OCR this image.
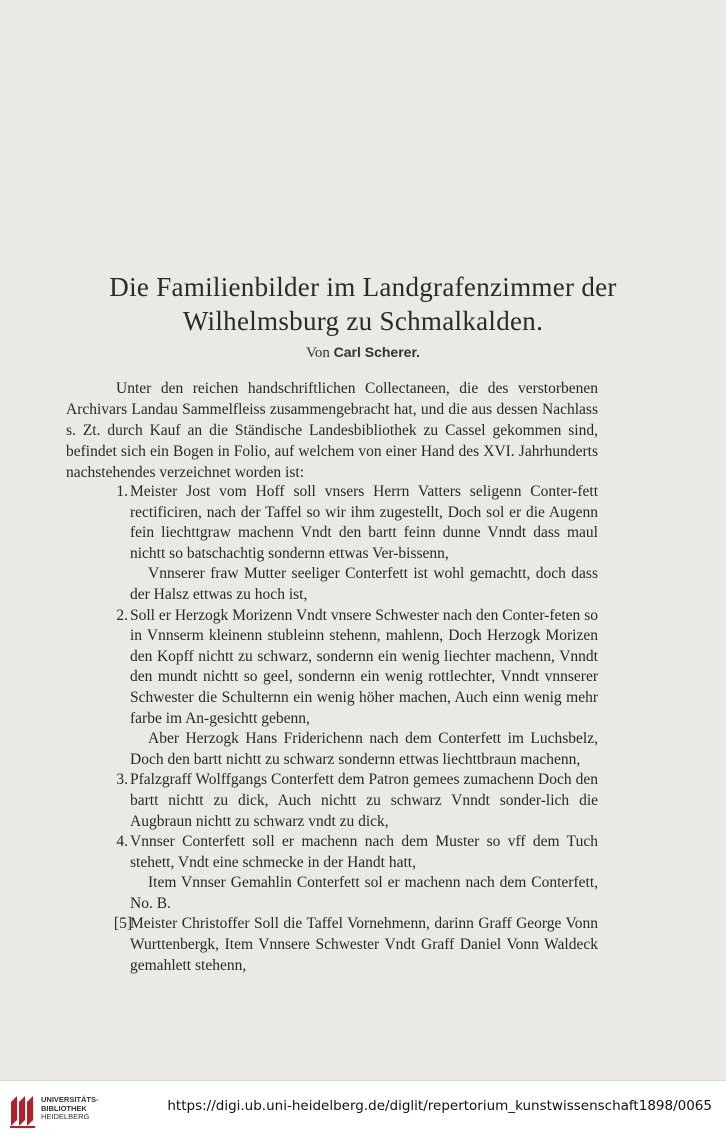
Die Familienbilder im Landgrafenzimmer der
Wilhelmsburg zu Schmalkalden.
Von Carl Scherer.

Unter den reichen handschriftlichen Collectaneen, die des verstorbenen Archivars Landau Sammelfleiss zusammengebracht hat, und die aus dessen Nachlass s. Zt. durch Kauf an die Ständische Landesbibliothek zu Cassel gekommen sind, befindet sich ein Bogen in Folio, auf welchem von einer Hand des XVI. Jahrhunderts nachstehendes verzeichnet worden ist:

1. Meister Jost vom Hoff soll vnsers Herrn Vatters seligenn Conter-fett rectificiren, nach der Taffel so wir ihm zugestellt, Doch sol er die Augenn fein liechttgraw machenn Vndt den bartt feinn dunne Vnndt dass maul nichtt so batschachtig sondernn ettwas Ver-bissenn,

Vnnserer fraw Mutter seeliger Conterfett ist wohl gemachtt, doch dass der Halsz ettwas zu hoch ist,

2. Soll er Herzogk Morizenn Vndt vnsere Schwester nach den Conter-feten so in Vnnserm kleinenn stubleinn stehenn, mahlenn, Doch Herzogk Morizen den Kopff nichtt zu schwarz, sondernn ein wenig liechter machenn, Vnndt den mundt nichtt so geel, sondernn ein wenig rottlechter, Vnndt vnnserer Schwester die Schulternn ein wenig höher machen, Auch einn wenig mehr farbe im An-gesichtt gebenn,

Aber Herzogk Hans Friderichenn nach dem Conterfett im Luchsbelz, Doch den bartt nichtt zu schwarz sondernn ettwas liechttbraun machenn,

3. Pfalzgraff Wolffgangs Conterfett dem Patron gemees zumachenn Doch den bartt nichtt zu dick, Auch nichtt zu schwarz Vnndt sonder-lich die Augbraun nichtt zu schwarz vndt zu dick,

4. Vnnser Conterfett soll er machenn nach dem Muster so vff dem Tuch stehett, Vndt eine schmecke in der Handt hatt,

Item Vnnser Gemahlin Conterfett sol er machenn nach dem Conterfett, No. B.

[5]

Meister Christoffer Soll die Taffel Vornehmenn, darinn Graff George Vonn Wurttenbergk, Item Vnnsere Schwester Vndt Graff Daniel Vonn Waldeck gemahlett stehenn,

UNIVERSITÄTS-
BIBLIOTHEK
HEIDELBERG
https://digi.ub.uni-heidelberg.de/diglit/repertorium_kunstwissenschaft1898/0065
